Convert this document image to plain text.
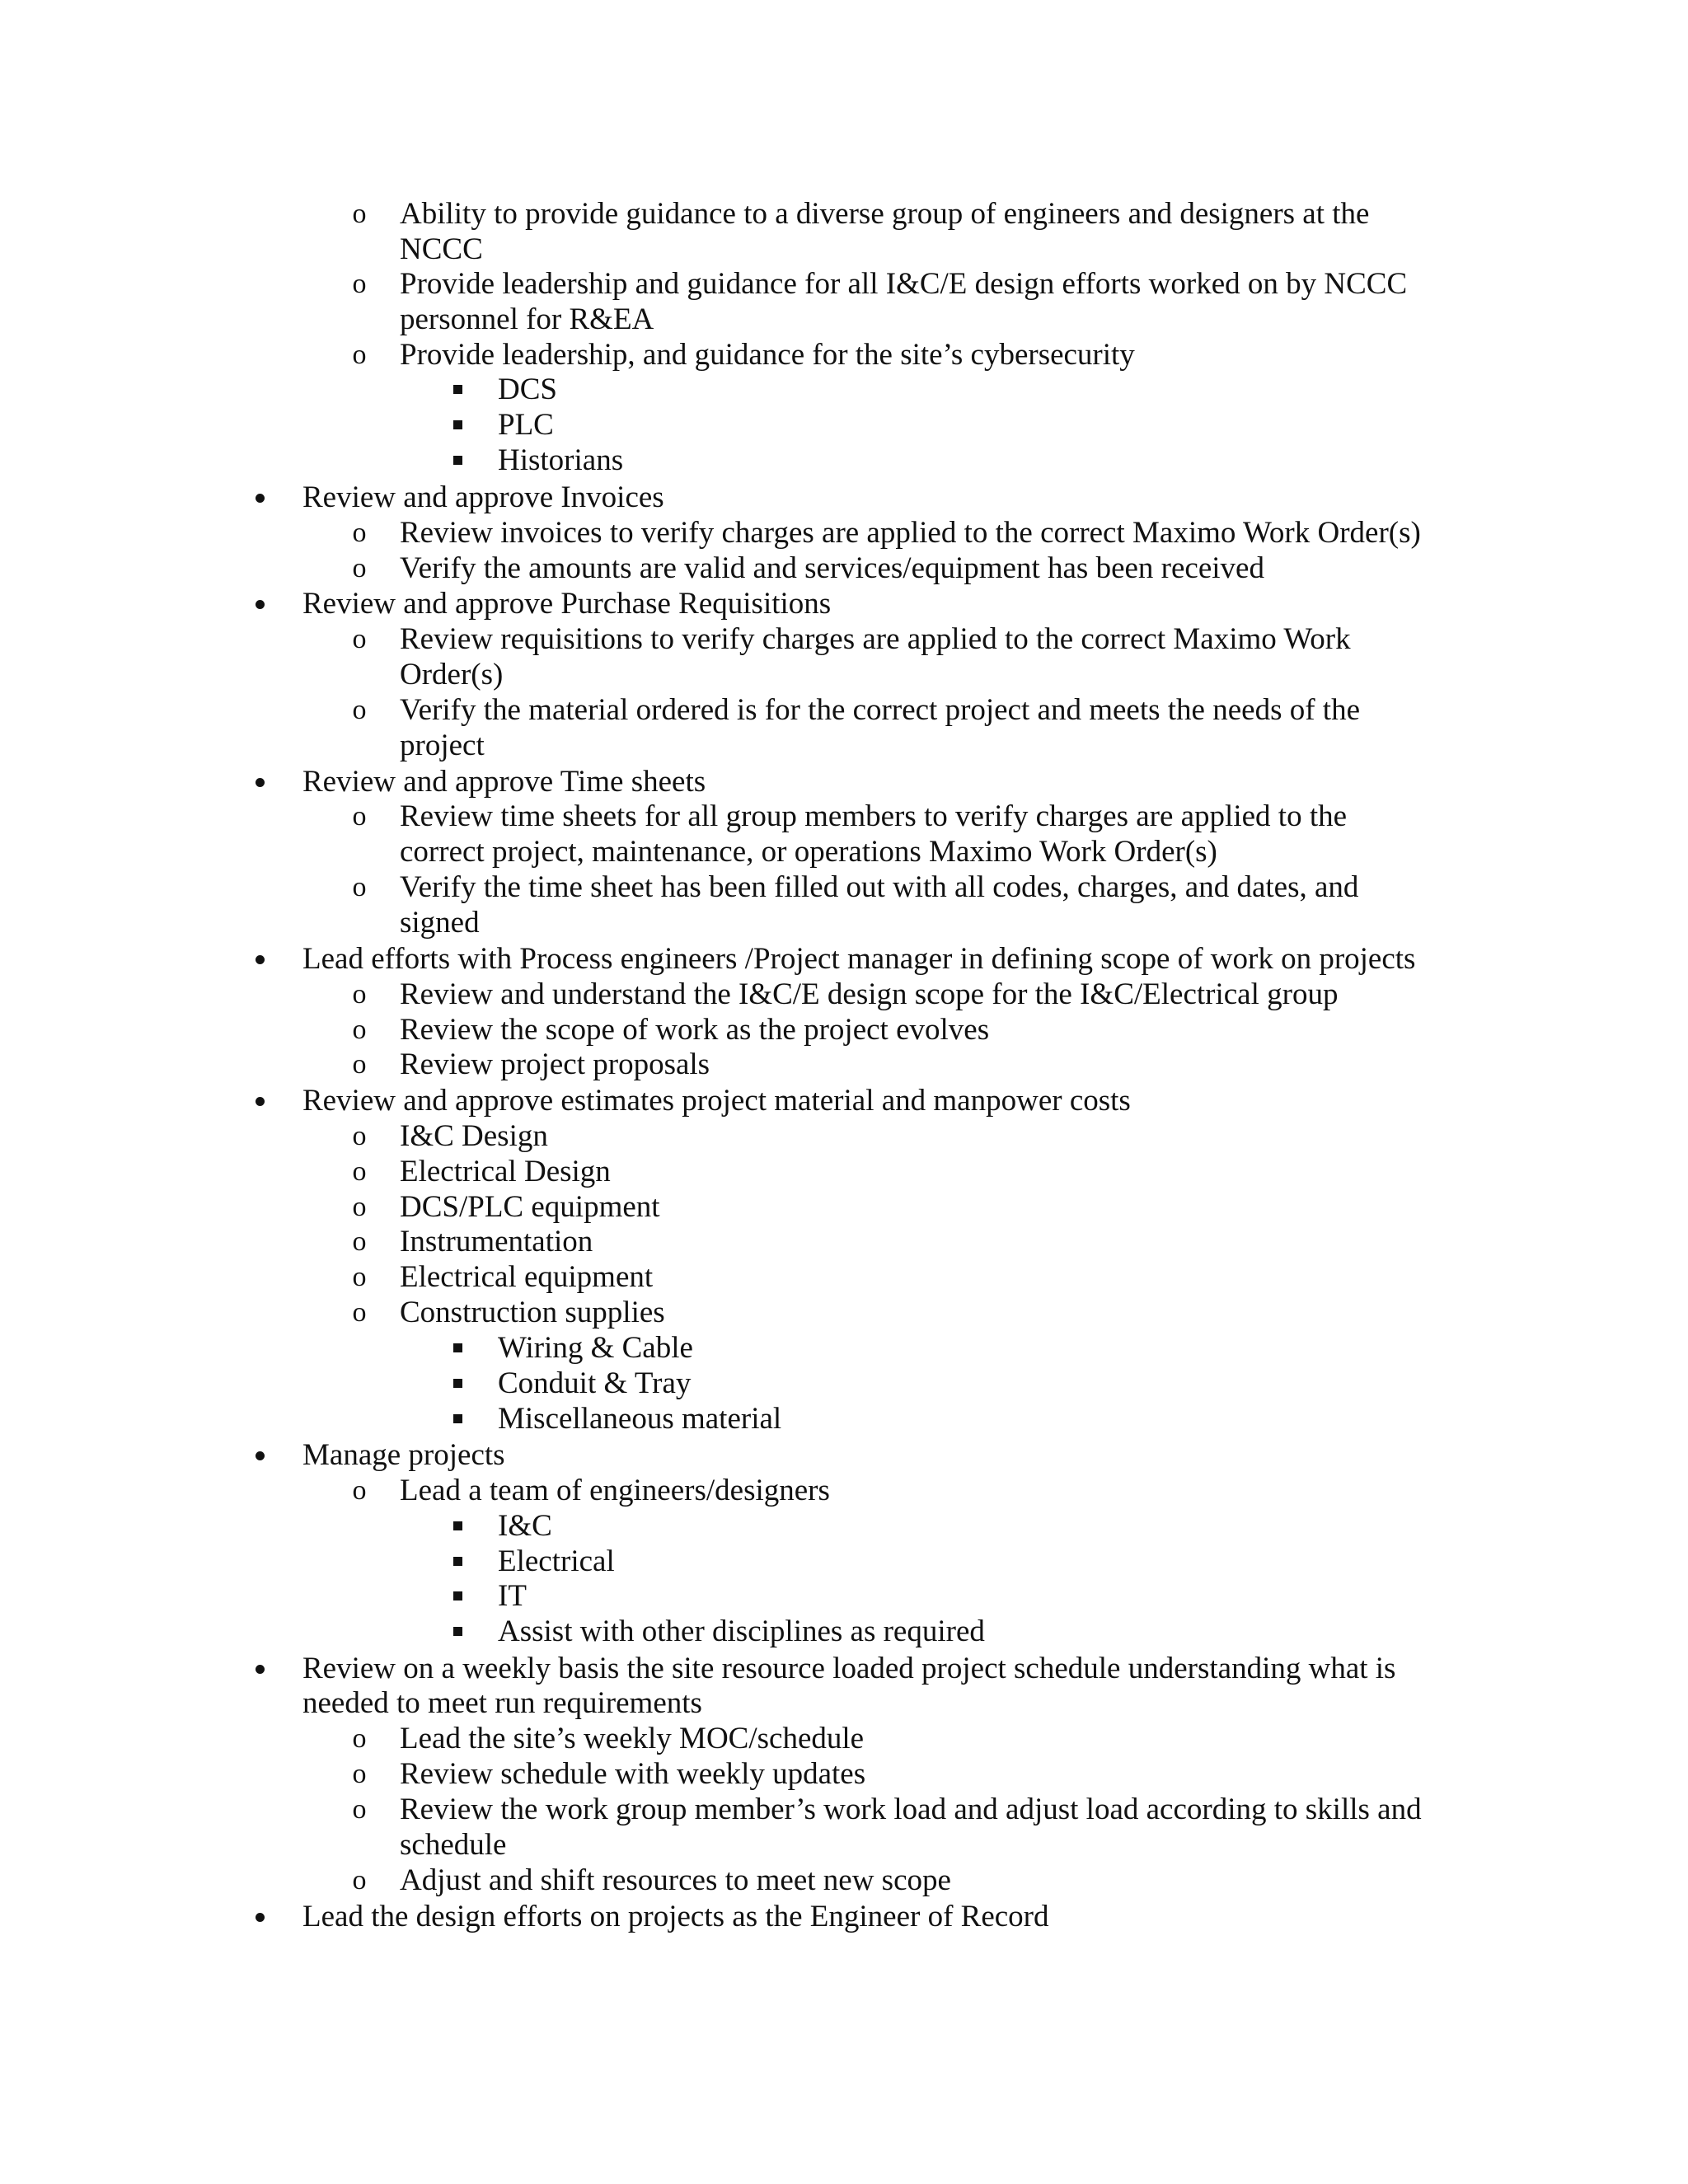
o	Ability to provide guidance to a diverse group of engineers and designers at the
NCCC
o	Provide leadership and guidance for all I&C/E design efforts worked on by NCCC
personnel for R&EA
o	Provide leadership, and guidance for the site’s cybersecurity
DCS
PLC
Historians
Review and approve Invoices
o	Review invoices to verify charges are applied to the correct Maximo Work Order(s)
o	Verify the amounts are valid and services/equipment has been received
Review and approve Purchase Requisitions
o	Review requisitions to verify charges are applied to the correct Maximo Work
Order(s)
o	Verify the material ordered is for the correct project and meets the needs of the
project
Review and approve Time sheets
o	Review time sheets for all group members to verify charges are applied to the
correct project, maintenance, or operations Maximo Work Order(s)
o	Verify the time sheet has been filled out with all codes, charges, and dates, and
signed
Lead efforts with Process engineers /Project manager in defining scope of work on projects
o	Review and understand the I&C/E design scope for the I&C/Electrical group
o	Review the scope of work as the project evolves
o	Review project proposals
Review and approve estimates project material and manpower costs
o	I&C Design
o	Electrical Design
o	DCS/PLC equipment
o	Instrumentation
o	Electrical equipment
o	Construction supplies
Wiring & Cable
Conduit & Tray
Miscellaneous material
Manage projects
o	Lead a team of engineers/designers
I&C
Electrical
IT
Assist with other disciplines as required
Review on a weekly basis the site resource loaded project schedule understanding what is
needed to meet run requirements
o	Lead the site’s weekly MOC/schedule
o	Review schedule with weekly updates
o	Review the work group member’s work load and adjust load according to skills and
schedule
o	Adjust and shift resources to meet new scope
Lead the design efforts on projects as the Engineer of Record
